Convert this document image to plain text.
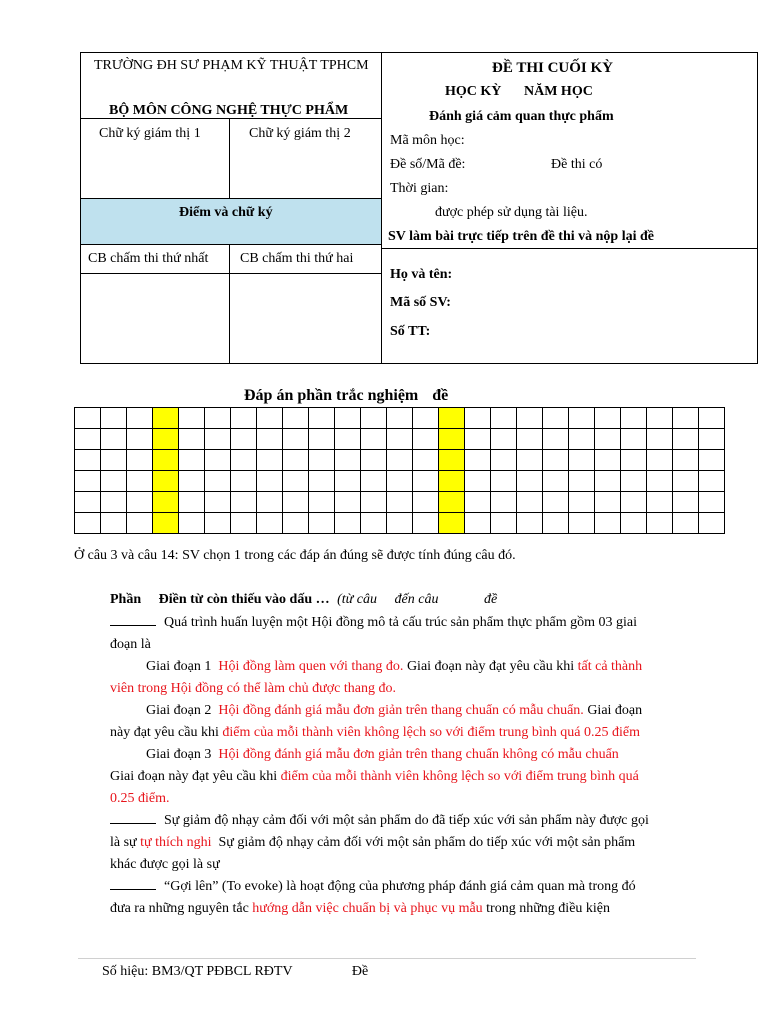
TRƯỜNG ĐH SƯ PHẠM KỸ THUẬT TPHCM
BỘ MÔN CÔNG NGHỆ THỰC PHẨM
Chữ ký giám thị 1	Chữ ký giám thị 2
Điểm và chữ ký
CB chấm thi thứ nhất CB chấm thi thứ hai
ĐỀ THI CUỐI KỲ
HỌC KỲ NĂM HỌC
Đánh giá cảm quan thực phẩm
Mã môn học:
Đề số/Mã đề:	Đề thi có
Thời gian:
được phép sử dụng tài liệu.
SV làm bài trực tiếp trên đề thi và nộp lại đề
Họ và tên:
Mã số SV:
Số TT:
Đáp án phần trắc nghiệm đề

Ở câu 3 và câu 14: SV chọn 1 trong các đáp án đúng sẽ được tính đúng câu đó.
Phần Điền từ còn thiếu vào dấu … (từ câu đến câu	đề

Quá trình huấn luyện một Hội đồng mô tả cấu trúc sản phẩm thực phẩm gồm 03 giai

đoạn là

Giai đoạn 1 Hội đồng làm quen với thang đo. Giai đoạn này đạt yêu cầu khi tất cả thành

viên trong Hội đồng có thể làm chủ được thang đo.

Giai đoạn 2 Hội đồng đánh giá mẫu đơn giản trên thang chuẩn có mẫu chuẩn. Giai đoạn

này đạt yêu cầu khi điểm của mỗi thành viên không lệch so với điểm trung bình quá 0.25 điểm

Giai đoạn 3 Hội đồng đánh giá mẫu đơn giản trên thang chuẩn không có mẫu chuẩn

Giai đoạn này đạt yêu cầu khi điểm của mỗi thành viên không lệch so với điểm trung bình quá

0.25 điểm.

Sự giảm độ nhạy cảm đối với một sản phẩm do đã tiếp xúc với sản phẩm này được gọi

là sự tự thích nghi Sự giảm độ nhạy cảm đối với một sản phẩm do tiếp xúc với một sản phẩm

khác được gọi là sự

“Gợi lên” (To evoke) là hoạt động của phương pháp đánh giá cảm quan mà trong đó

đưa ra những nguyên tắc hướng dẫn việc chuẩn bị và phục vụ mẫu trong những điều kiện

Số hiệu: BM3/QT PĐBCL RĐTV	Đề
